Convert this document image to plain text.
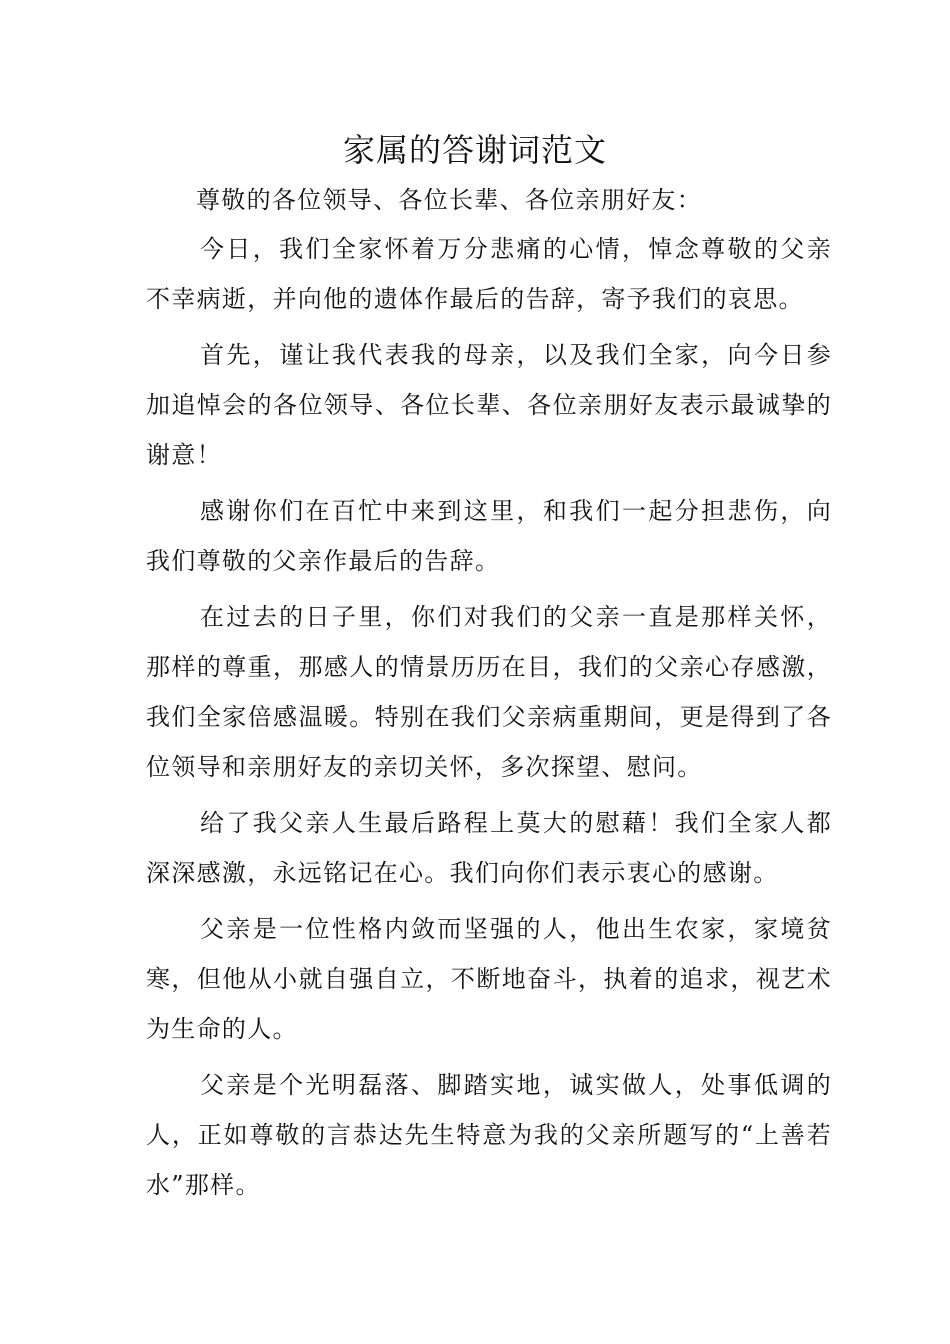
家属的答谢词范文

尊敬的各位领导、各位长辈、各位亲朋好友：

今日，我们全家怀着万分悲痛的心情，悼念尊敬的父亲不幸病逝，并向他的遗体作最后的告辞，寄予我们的哀思。

首先，谨让我代表我的母亲，以及我们全家，向今日参加追悼会的各位领导、各位长辈、各位亲朋好友表示最诚挚的谢意！

感谢你们在百忙中来到这里，和我们一起分担悲伤，向我们尊敬的父亲作最后的告辞。

在过去的日子里，你们对我们的父亲一直是那样关怀，那样的尊重，那感人的情景历历在目，我们的父亲心存感激，我们全家倍感温暖。特别在我们父亲病重期间，更是得到了各位领导和亲朋好友的亲切关怀，多次探望、慰问。

给了我父亲人生最后路程上莫大的慰藉！我们全家人都深深感激，永远铭记在心。我们向你们表示衷心的感谢。

父亲是一位性格内敛而坚强的人，他出生农家，家境贫寒，但他从小就自强自立，不断地奋斗，执着的追求，视艺术为生命的人。

父亲是个光明磊落、脚踏实地，诚实做人，处事低调的人，正如尊敬的言恭达先生特意为我的父亲所题写的“上善若水”那样。
